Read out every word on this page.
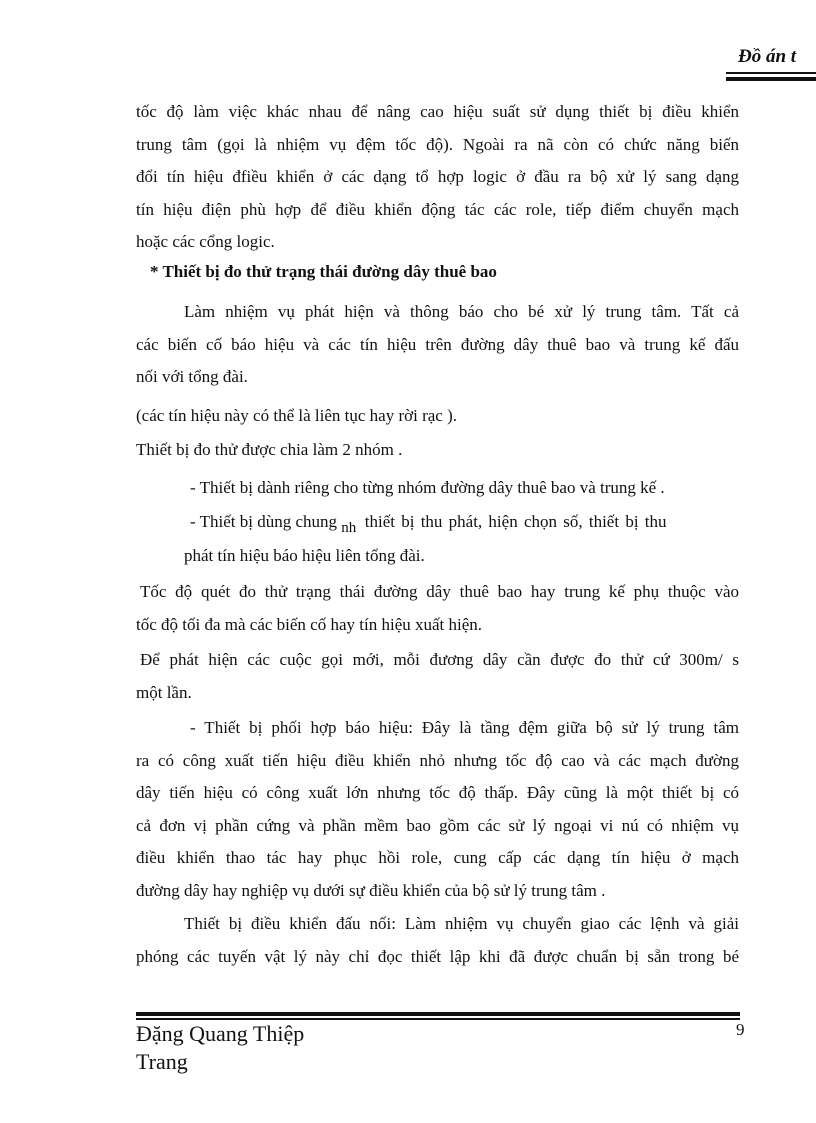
Đồ án t
tốc độ làm việc khác nhau để nâng cao hiệu suất sử dụng thiết bị điều khiển
trung tâm (gọi là nhiệm vụ đệm tốc độ). Ngoài ra nã còn có chức năng biến
đổi tín hiệu đfiều khiển ở các dạng tổ hợp logic ở đầu ra bộ xử lý sang dạng
tín hiệu điện phù hợp để điều khiển động tác các role, tiếp điểm chuyển mạch
hoặc các cổng logic.
* Thiết bị đo thử trạng thái đường dây thuê bao
Làm nhiệm vụ phát hiện và thông báo cho bé xử lý trung tâm. Tất cả
các biến cố báo hiệu và các tín hiệu trên đường dây thuê bao và trung kế đấu
nối với tổng đài.
(các tín hiệu này có thể là liên tục hay rời rạc ).
Thiết bị đo thử được chia làm 2 nhóm .
- Thiết bị dành riêng cho từng nhóm đường dây thuê bao và trung kế .
- Thiết bị dùng chung nh thiết bị thu phát, hiện chọn số, thiết bị thu
phát tín hiệu báo hiệu liên tổng đài.
Tốc độ quét đo thử trạng thái đường dây thuê bao hay trung kế phụ thuộc vào
tốc độ tối đa mà các biến cố hay tín hiệu xuất hiện.
Để phát hiện các cuộc gọi mới, mỗi đương dây cần được đo thử cứ 300m/ s
một lần.
- Thiết bị phối hợp báo hiệu: Đây là tầng đệm giữa bộ sử lý trung tâm
ra có công xuất tiến hiệu điều khiển nhỏ nhưng tốc độ cao và các mạch đường
dây tiến hiệu có công xuất lớn nhưng tốc độ thấp. Đây cũng là một thiết bị có
cả đơn vị phần cứng và phần mềm bao gồm các sử lý ngoại vi nú có nhiệm vụ
điều khiển thao tác hay phục hồi role, cung cấp các dạng tín hiệu ở mạch
đường dây hay nghiệp vụ dưới sự điều khiển của bộ sử lý trung tâm .
Thiết bị điều khiển đấu nối: Làm nhiệm vụ chuyển giao các lệnh và giải
phóng các tuyến vật lý này chỉ đọc thiết lập khi đã được chuẩn bị sẵn trong bé
Đặng Quang Thiệp
Trang
9
